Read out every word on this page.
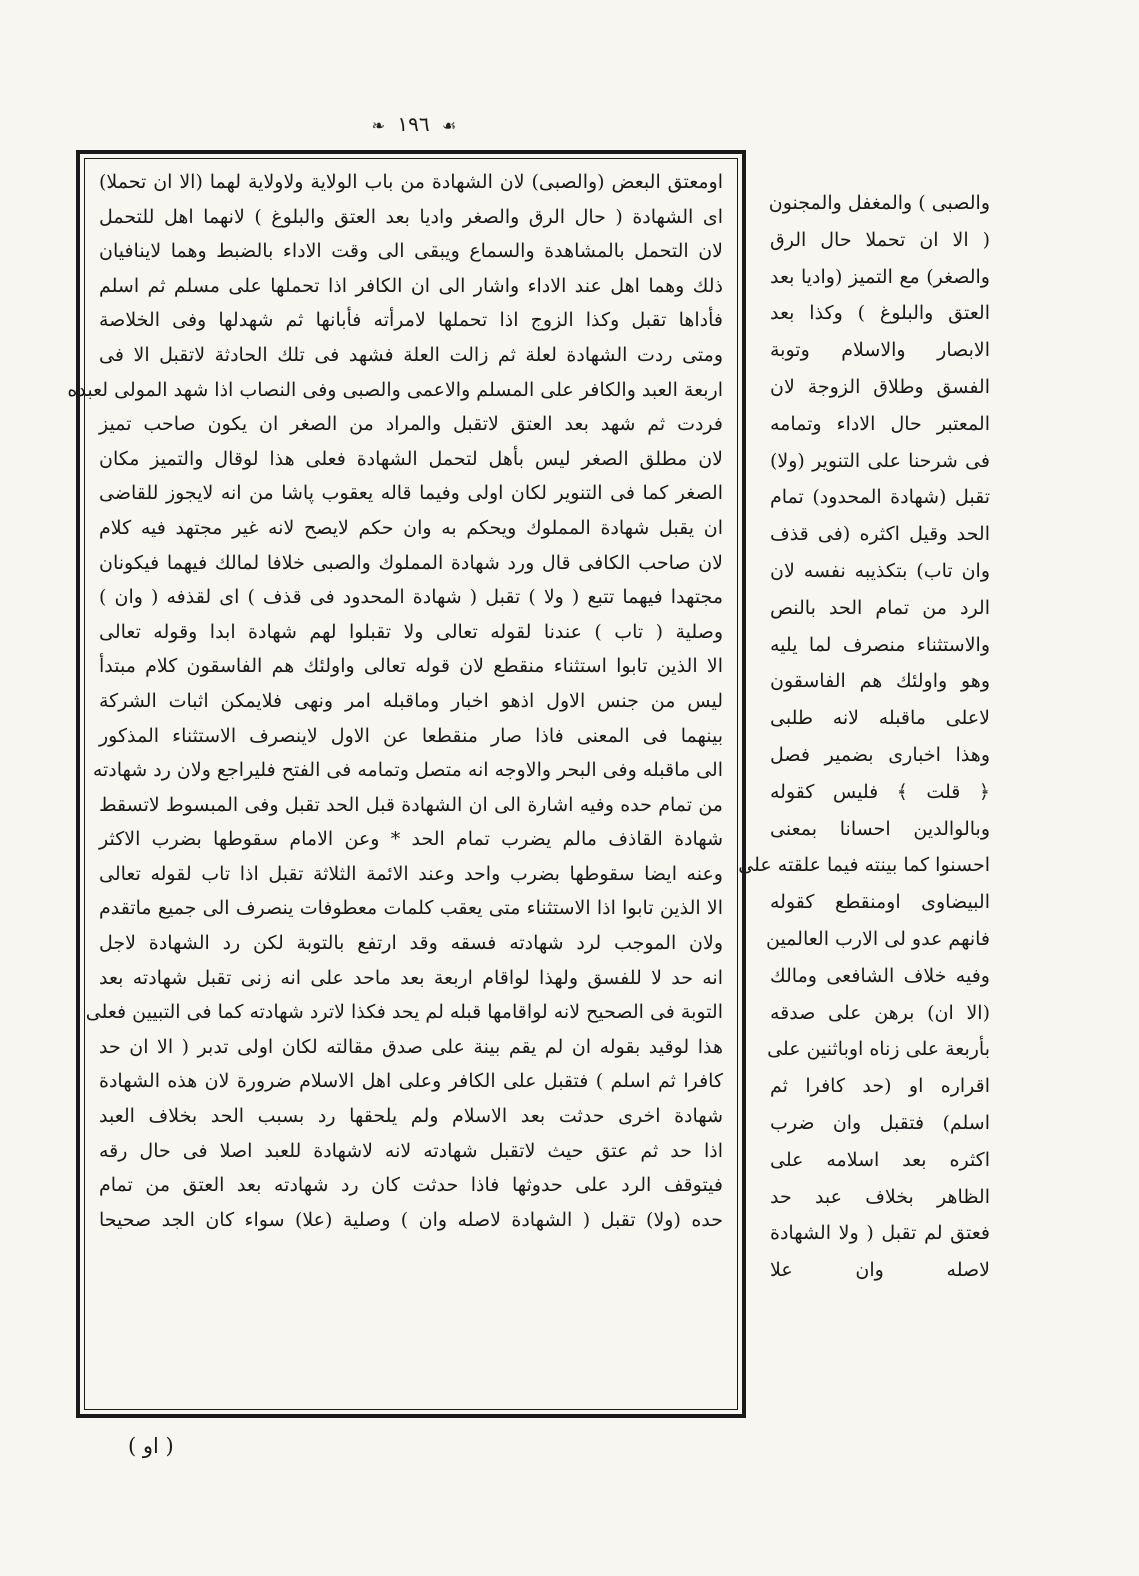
❧ ١٩٦ ☙
اومعتق البعض (والصبى) لان الشهادة من باب الولاية ولاولاية لهما (الا ان تحملا)
اى الشهادة ( حال الرق والصغر واديا بعد العتق والبلوغ ) لانهما اهل للتحمل
لان التحمل بالمشاهدة والسماع ويبقى الى وقت الاداء بالضبط وهما لاينافيان
ذلك وهما اهل عند الاداء واشار الى ان الكافر اذا تحملها على مسلم ثم اسلم
فأداها تقبل وكذا الزوج اذا تحملها لامرأته فأبانها ثم شهدلها وفى الخلاصة
ومتى ردت الشهادة لعلة ثم زالت العلة فشهد فى تلك الحادثة لاتقبل الا فى
اربعة العبد والكافر على المسلم والاعمى والصبى وفى النصاب اذا شهد المولى لعبده
فردت ثم شهد بعد العتق لاتقبل والمراد من الصغر ان يكون صاحب تميز
لان مطلق الصغر ليس بأهل لتحمل الشهادة فعلى هذا لوقال والتميز مكان
الصغر كما فى التنوير لكان اولى وفيما قاله يعقوب پاشا من انه لايجوز للقاضى
ان يقبل شهادة المملوك ويحكم به وان حكم لايصح لانه غير مجتهد فيه كلام
لان صاحب الكافى قال ورد شهادة المملوك والصبى خلافا لمالك فيهما فيكونان
مجتهدا فيهما تتبع ( ولا ) تقبل ( شهادة المحدود فى قذف ) اى لقذفه ( وان )
وصلية ( تاب ) عندنا لقوله تعالى ولا تقبلوا لهم شهادة ابدا وقوله تعالى
الا الذين تابوا استثناء منقطع لان قوله تعالى واولئك هم الفاسقون كلام مبتدأ
ليس من جنس الاول اذهو اخبار وماقبله امر ونهى فلايمكن اثبات الشركة
بينهما فى المعنى فاذا صار منقطعا عن الاول لاينصرف الاستثناء المذكور
الى ماقبله وفى البحر والاوجه انه متصل وتمامه فى الفتح فليراجع ولان رد شهادته
من تمام حده وفيه اشارة الى ان الشهادة قبل الحد تقبل وفى المبسوط لاتسقط
شهادة القاذف مالم يضرب تمام الحد * وعن الامام سقوطها بضرب الاكثر
وعنه ايضا سقوطها بضرب واحد وعند الائمة الثلاثة تقبل اذا تاب لقوله تعالى
الا الذين تابوا اذا الاستثناء متى يعقب كلمات معطوفات ينصرف الى جميع ماتقدم
ولان الموجب لرد شهادته فسقه وقد ارتفع بالتوبة لكن رد الشهادة لاجل
انه حد لا للفسق ولهذا لواقام اربعة بعد ماحد على انه زنى تقبل شهادته بعد
التوبة فى الصحيح لانه لواقامها قبله لم يحد فكذا لاترد شهادته كما فى التبيين فعلى
هذا لوقيد بقوله ان لم يقم بينة على صدق مقالته لكان اولى تدبر ( الا ان حد
كافرا ثم اسلم ) فتقبل على الكافر وعلى اهل الاسلام ضرورة لان هذه الشهادة
شهادة اخرى حدثت بعد الاسلام ولم يلحقها رد بسبب الحد بخلاف العبد
اذا حد ثم عتق حيث لاتقبل شهادته لانه لاشهادة للعبد اصلا فى حال رقه
فيتوقف الرد على حدوثها فاذا حدثت كان رد شهادته بعد العتق من تمام
حده (ولا) تقبل ( الشهادة لاصله وان ) وصلية (علا) سواء كان الجد صحيحا
والصبى ) والمغفل والمجنون
( الا ان تحملا حال الرق
والصغر) مع التميز (واديا بعد
العتق والبلوغ ) وكذا بعد
الابصار والاسلام وتوبة
الفسق وطلاق الزوجة لان
المعتبر حال الاداء وتمامه
فى شرحنا على التنوير (ولا)
تقبل (شهادة المحدود) تمام
الحد وقيل اكثره (فى قذف
وان تاب) بتكذيبه نفسه لان
الرد من تمام الحد بالنص
والاستثناء منصرف لما يليه
وهو واولئك هم الفاسقون
لاعلى ماقبله لانه طلبى
وهذا اخبارى بضمير فصل
﴿ قلت ﴾ فليس كقوله
وبالوالدين احسانا بمعنى
احسنوا كما بينته فيما علقته على
البيضاوى اومنقطع كقوله
فانهم عدو لى الارب العالمين
وفيه خلاف الشافعى ومالك
(الا ان) برهن على صدقه
بأربعة على زناه اوباثنين على
اقراره او (حد كافرا ثم
اسلم) فتقبل وان ضرب
اكثره بعد اسلامه على
الظاهر بخلاف عبد حد
فعتق لم تقبل ( ولا الشهادة
لاصله وان علا
( او )
